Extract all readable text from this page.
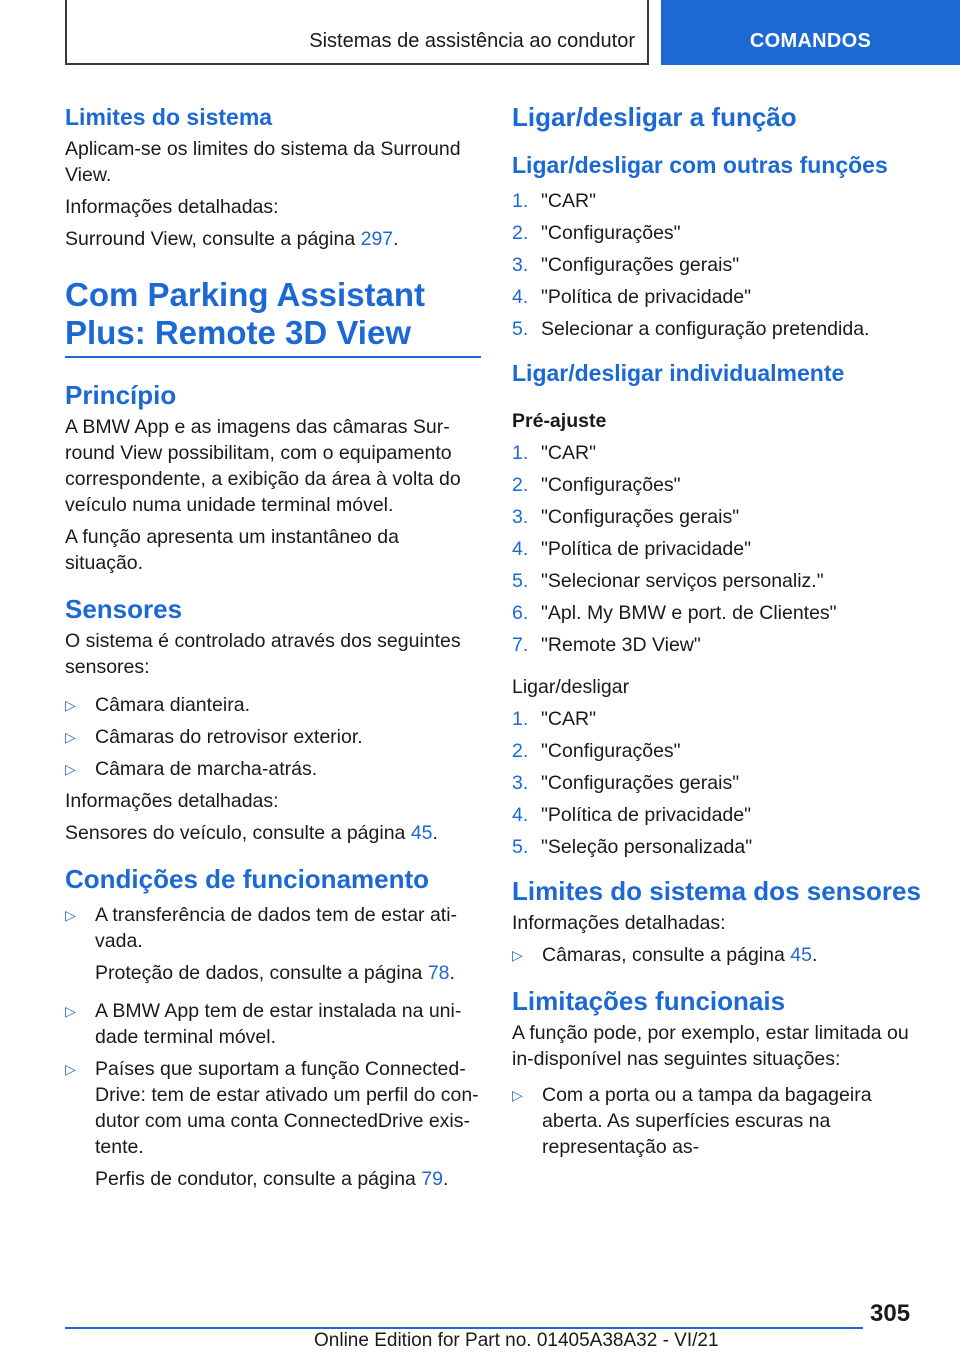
Sistemas de assistência ao condutor	COMANDOS
Limites do sistema
Aplicam-se os limites do sistema da Surround View.
Informações detalhadas:
Surround View, consulte a página 297.
Com Parking Assistant
Plus: Remote 3D View
Princípio
A BMW App e as imagens das câmaras Sur-round View possibilitam, com o equipamento correspondente, a exibição da área à volta do veículo numa unidade terminal móvel.
A função apresenta um instantâneo da situação.
Sensores
O sistema é controlado através dos seguintes sensores:
▷ Câmara dianteira.
▷ Câmaras do retrovisor exterior.
▷ Câmara de marcha-atrás.
Informações detalhadas:
Sensores do veículo, consulte a página 45.
Condições de funcionamento
▷ A transferência de dados tem de estar ati-vada.
Proteção de dados, consulte a página 78.
▷ A BMW App tem de estar instalada na uni-dade terminal móvel.
▷ Países que suportam a função Connected-Drive: tem de estar ativado um perfil do con-dutor com uma conta ConnectedDrive exis-tente.
Perfis de condutor, consulte a página 79.
Ligar/desligar a função
Ligar/desligar com outras funções
1. "CAR"
2. "Configurações"
3. "Configurações gerais"
4. "Política de privacidade"
5. Selecionar a configuração pretendida.
Ligar/desligar individualmente
Pré-ajuste
1. "CAR"
2. "Configurações"
3. "Configurações gerais"
4. "Política de privacidade"
5. "Selecionar serviços personaliz."
6. "Apl. My BMW e port. de Clientes"
7. "Remote 3D View"
Ligar/desligar
1. "CAR"
2. "Configurações"
3. "Configurações gerais"
4. "Política de privacidade"
5. "Seleção personalizada"
Limites do sistema dos sensores
Informações detalhadas:
▷ Câmaras, consulte a página 45.
Limitações funcionais
A função pode, por exemplo, estar limitada ou in-disponível nas seguintes situações:
▷ Com a porta ou a tampa da bagageira aberta. As superfícies escuras na representação as-
305
Online Edition for Part no. 01405A38A32 - VI/21
